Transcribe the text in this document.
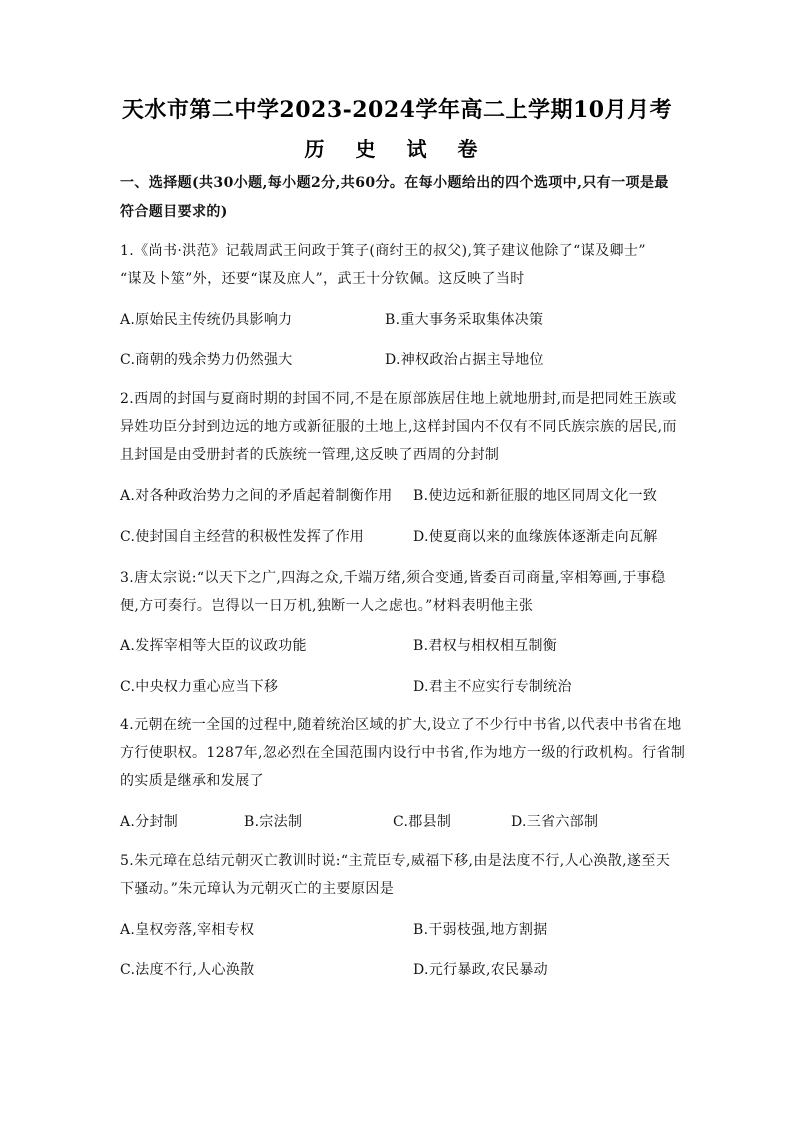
天水市第二中学2023-2024学年高二上学期10月月考
历 史 试 卷
一、选择题(共30小题,每小题2分,共60分。在每小题给出的四个选项中,只有一项是最
符合题目要求的)
1.《尚书·洪范》记载周武王问政于箕子(商纣王的叔父),箕子建议他除了“谋及卿士”
“谋及卜筮”外，还要“谋及庶人”，武王十分钦佩。这反映了当时
A.原始民主传统仍具影响力	B.重大事务采取集体决策
C.商朝的残余势力仍然强大	D.神权政治占据主导地位
2.西周的封国与夏商时期的封国不同,不是在原部族居住地上就地册封,而是把同姓王族或
异姓功臣分封到边远的地方或新征服的土地上,这样封国内不仅有不同氏族宗族的居民,而
且封国是由受册封者的氏族统一管理,这反映了西周的分封制
A.对各种政治势力之间的矛盾起着制衡作用 B.使边远和新征服的地区同周文化一致
C.使封国自主经营的积极性发挥了作用	D.使夏商以来的血缘族体逐渐走向瓦解
3.唐太宗说:“以天下之广,四海之众,千端万绪,须合变通,皆委百司商量,宰相筹画,于事稳
便,方可奏行。岂得以一日万机,独断一人之虑也。”材料表明他主张
A.发挥宰相等大臣的议政功能	B.君权与相权相互制衡
C.中央权力重心应当下移	D.君主不应实行专制统治
4.元朝在统一全国的过程中,随着统治区域的扩大,设立了不少行中书省,以代表中书省在地
方行使职权。1287年,忽必烈在全国范围内设行中书省,作为地方一级的行政机构。行省制
的实质是继承和发展了
A.分封制	B.宗法制	C.郡县制	D.三省六部制
5.朱元璋在总结元朝灭亡教训时说:“主荒臣专,威福下移,由是法度不行,人心涣散,遂至天
下骚动。”朱元璋认为元朝灭亡的主要原因是
A.皇权旁落,宰相专权	B.干弱枝强,地方割据
C.法度不行,人心涣散	D.元行暴政,农民暴动
